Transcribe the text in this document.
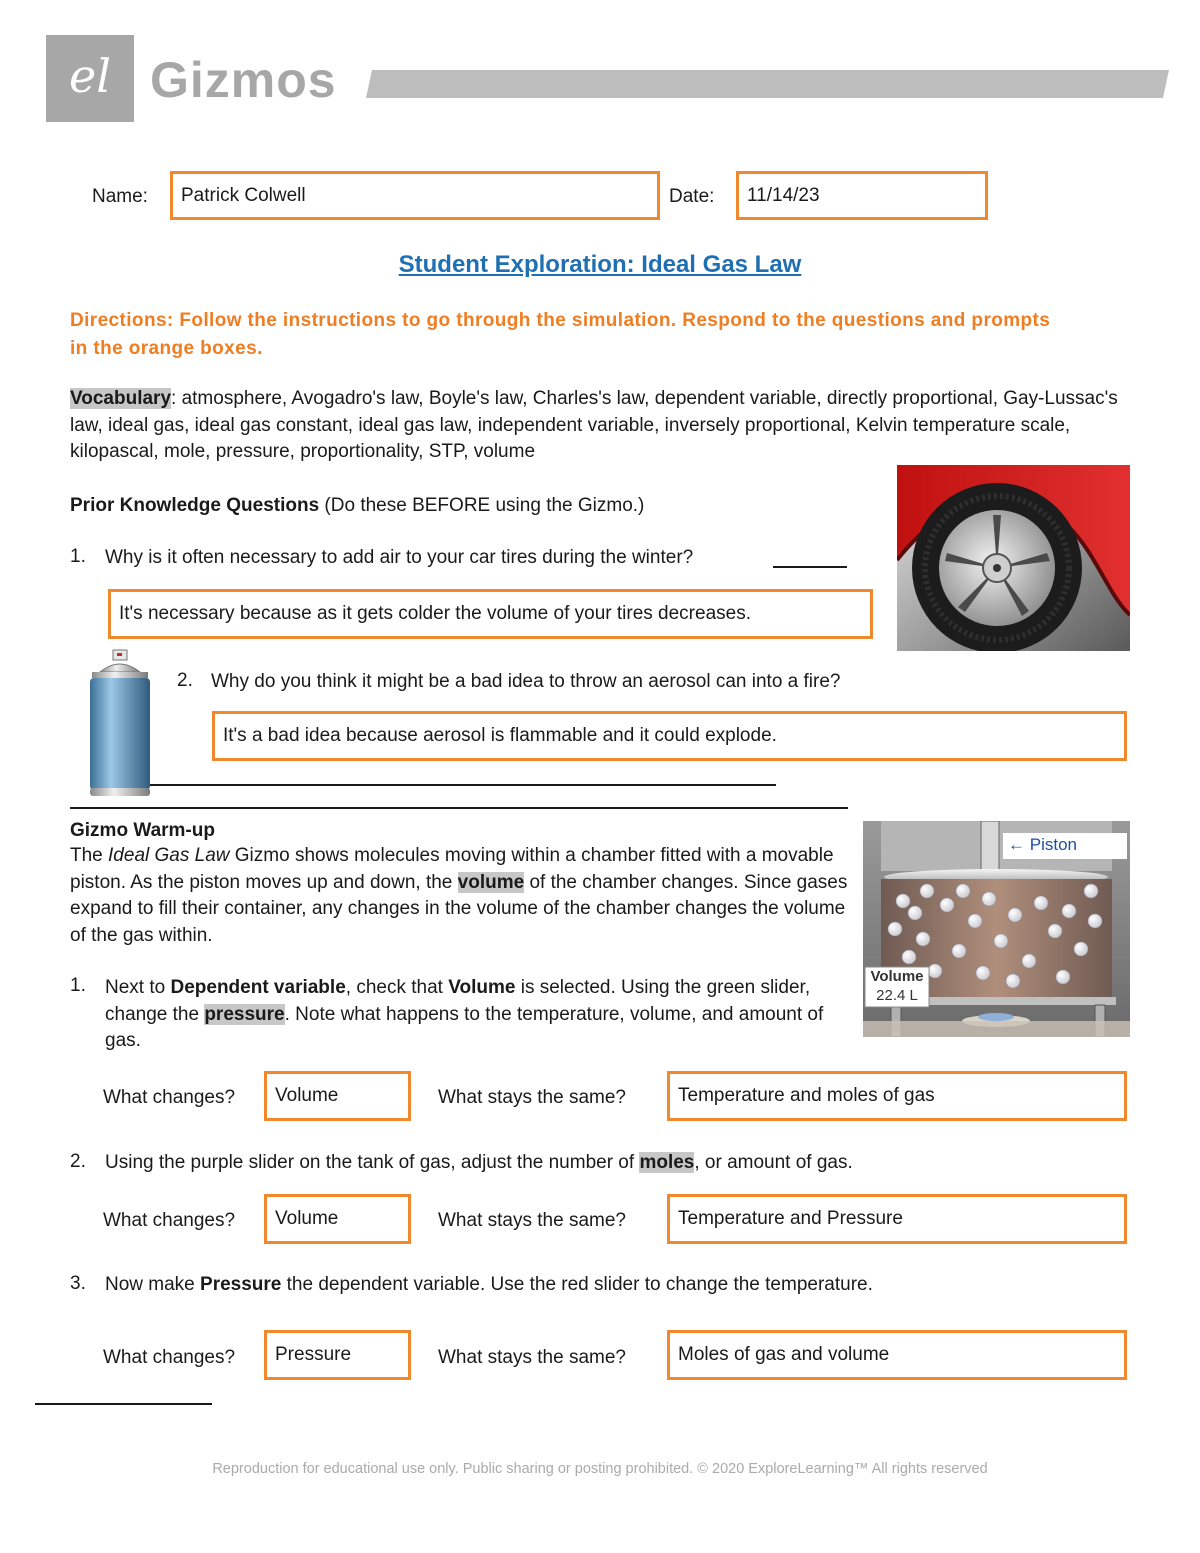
el Gizmos
Name:	Patrick Colwell	Date:	11/14/23
Student Exploration: Ideal Gas Law
Directions: Follow the instructions to go through the simulation. Respond to the questions and prompts in the orange boxes.
Vocabulary: atmosphere, Avogadro's law, Boyle's law, Charles's law, dependent variable, directly proportional, Gay-Lussac's law, ideal gas, ideal gas constant, ideal gas law, independent variable, inversely proportional, Kelvin temperature scale, kilopascal, mole, pressure, proportionality, STP, volume
Prior Knowledge Questions (Do these BEFORE using the Gizmo.)
1. Why is it often necessary to add air to your car tires during the winter?
It's necessary because as it gets colder the volume of your tires decreases.
2. Why do you think it might be a bad idea to throw an aerosol can into a fire?
It's a bad idea because aerosol is flammable and it could explode.
Gizmo Warm-up
The Ideal Gas Law Gizmo shows molecules moving within a chamber fitted with a movable piston. As the piston moves up and down, the volume of the chamber changes. Since gases expand to fill their container, any changes in the volume of the chamber changes the volume of the gas within.
← Piston
Volume
22.4 L
1. Next to Dependent variable, check that Volume is selected. Using the green slider, change the pressure. Note what happens to the temperature, volume, and amount of gas.
What changes?	Volume	What stays the same?	Temperature and moles of gas
2. Using the purple slider on the tank of gas, adjust the number of moles, or amount of gas.
What changes?	Volume	What stays the same?	Temperature and Pressure
3. Now make Pressure the dependent variable. Use the red slider to change the temperature.
What changes?	Pressure	What stays the same?	Moles of gas and volume
Reproduction for educational use only. Public sharing or posting prohibited. © 2020 ExploreLearning™ All rights reserved
